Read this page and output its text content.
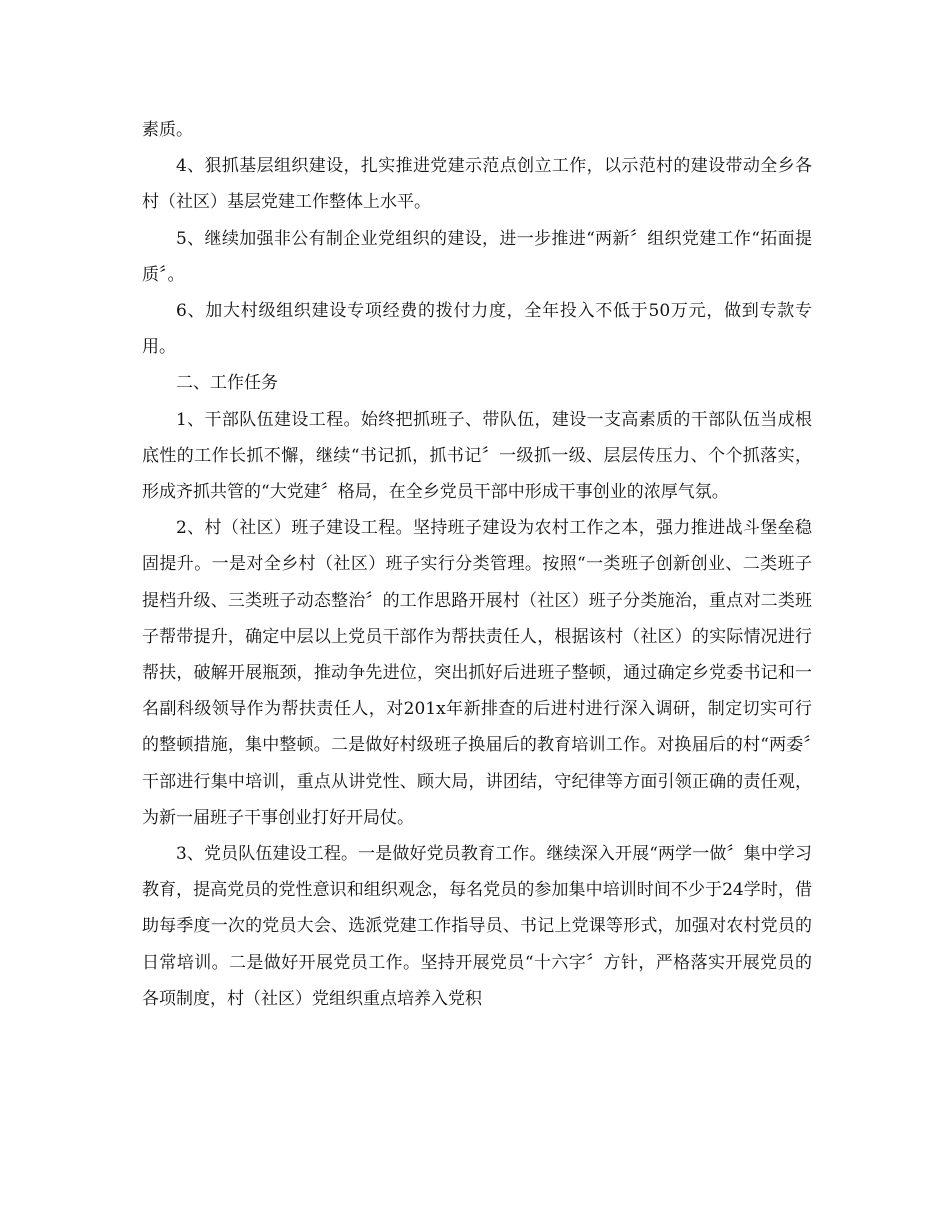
素质。

4、狠抓基层组织建设，扎实推进党建示范点创立工作，以示范村的建设带动全乡各村（社区）基层党建工作整体上水平。

5、继续加强非公有制企业党组织的建设，进一步推进“两新〞组织党建工作“拓面提质〞。

6、加大村级组织建设专项经费的拨付力度，全年投入不低于50万元，做到专款专用。

二、工作任务

1、干部队伍建设工程。始终把抓班子、带队伍，建设一支高素质的干部队伍当成根底性的工作长抓不懈，继续“书记抓，抓书记〞一级抓一级、层层传压力、个个抓落实，形成齐抓共管的“大党建〞格局，在全乡党员干部中形成干事创业的浓厚气氛。

2、村（社区）班子建设工程。坚持班子建设为农村工作之本，强力推进战斗堡垒稳固提升。一是对全乡村（社区）班子实行分类管理。按照“一类班子创新创业、二类班子提档升级、三类班子动态整治〞的工作思路开展村（社区）班子分类施治，重点对二类班子帮带提升，确定中层以上党员干部作为帮扶责任人，根据该村（社区）的实际情况进行帮扶，破解开展瓶颈，推动争先进位，突出抓好后进班子整顿，通过确定乡党委书记和一名副科级领导作为帮扶责任人，对201x年新排查的后进村进行深入调研，制定切实可行的整顿措施，集中整顿。二是做好村级班子换届后的教育培训工作。对换届后的村“两委〞干部进行集中培训，重点从讲党性、顾大局，讲团结，守纪律等方面引领正确的责任观，为新一届班子干事创业打好开局仗。

3、党员队伍建设工程。一是做好党员教育工作。继续深入开展“两学一做〞集中学习教育，提高党员的党性意识和组织观念，每名党员的参加集中培训时间不少于24学时，借助每季度一次的党员大会、选派党建工作指导员、书记上党课等形式，加强对农村党员的日常培训。二是做好开展党员工作。坚持开展党员“十六字〞方针，严格落实开展党员的各项制度，村（社区）党组织重点培养入党积
